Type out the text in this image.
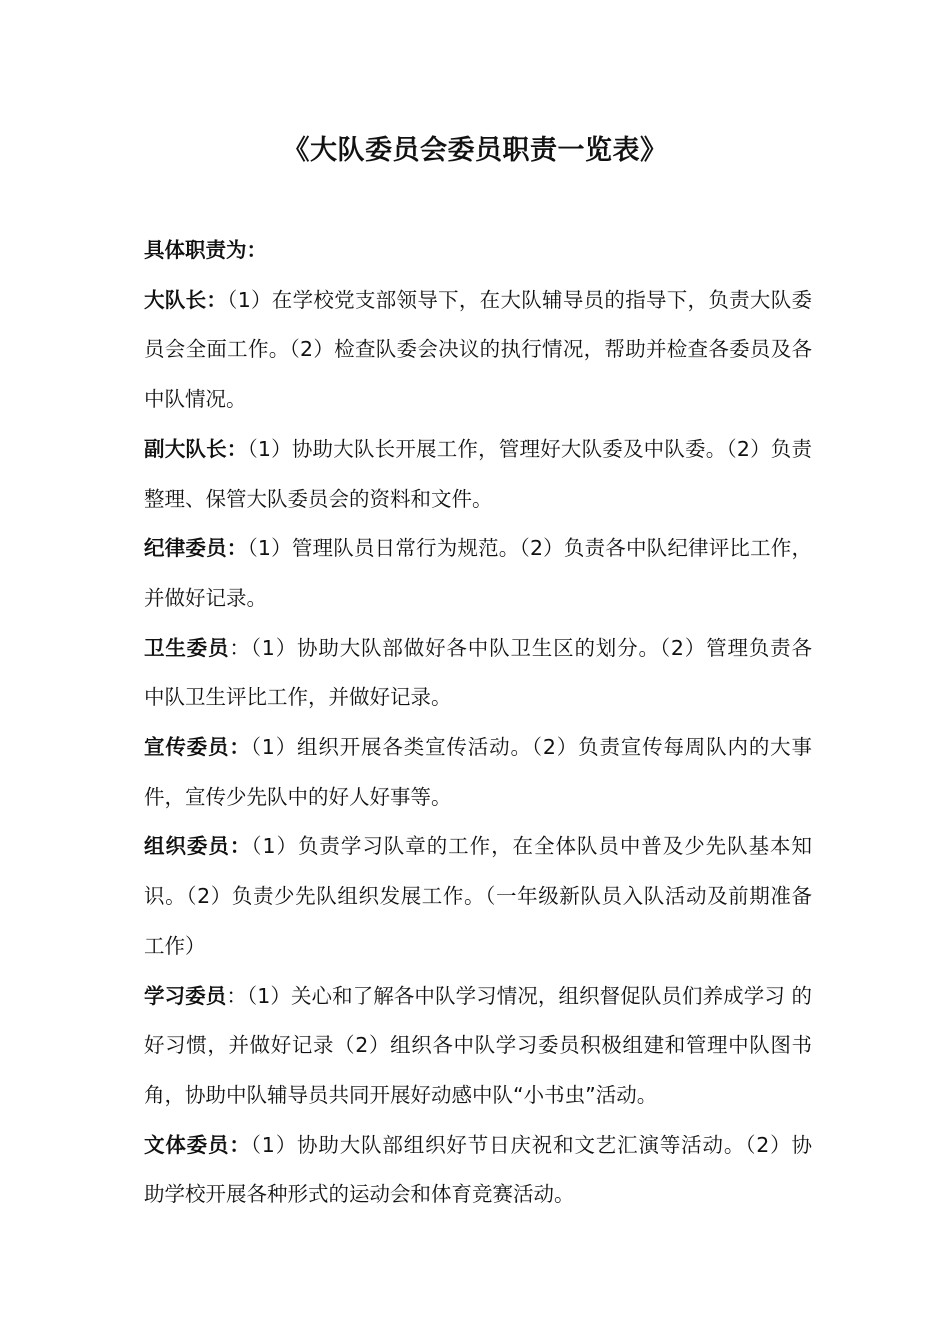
《大队委员会委员职责一览表》

具体职责为：

大队长：（1）在学校党支部领导下，在大队辅导员的指导下，负责大队委员会全面工作。（2）检查队委会决议的执行情况，帮助并检查各委员及各 中队情况。

副大队长：（1）协助大队长开展工作，管理好大队委及中队委。（2）负责整理、保管大队委员会的资料和文件。

纪律委员：（1）管理队员日常行为规范。（2）负责各中队纪律评比工作， 并做好记录。

卫生委员：（1）协助大队部做好各中队卫生区的划分。（2）管理负责各 中队卫生评比工作，并做好记录。

宣传委员：（1）组织开展各类宣传活动。（2）负责宣传每周队内的大事件，宣传少先队中的好人好事等。

组织委员：（1）负责学习队章的工作，在全体队员中普及少先队基本知 识。（2）负责少先队组织发展工作。（一年级新队员入队活动及前期准备工作）

学习委员：（1）关心和了解各中队学习情况，组织督促队员们养成学习 的好习惯，并做好记录（2）组织各中队学习委员积极组建和管理中队图书角，协助中队辅导员共同开展好动感中队“小书虫”活动。

文体委员：（1）协助大队部组织好节日庆祝和文艺汇演等活动。（2）协 助学校开展各种形式的运动会和体育竞赛活动。
